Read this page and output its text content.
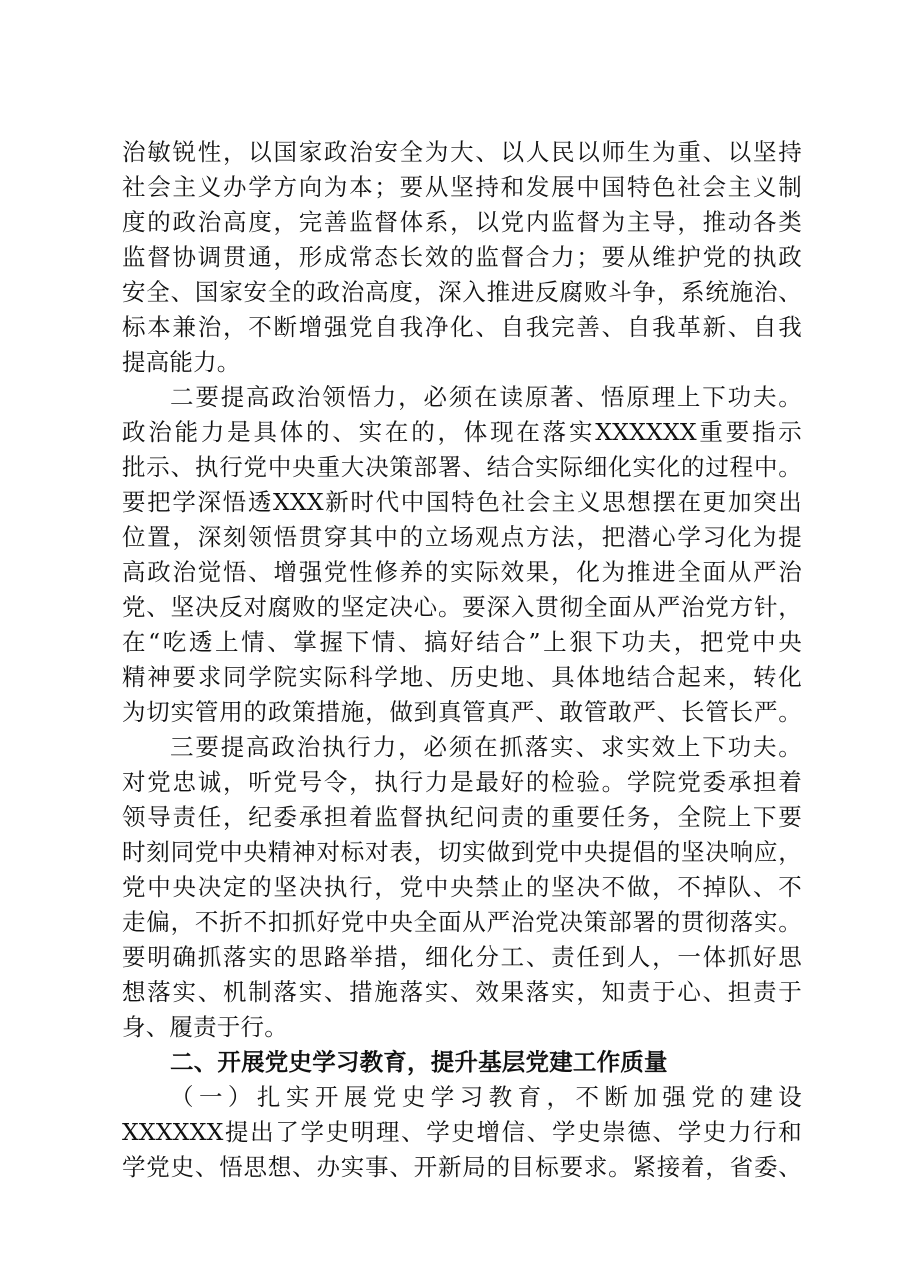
治敏锐性，以国家政治安全为大、以人民以师生为重、以坚持
社会主义办学方向为本；要从坚持和发展中国特色社会主义制
度的政治高度，完善监督体系，以党内监督为主导，推动各类
监督协调贯通，形成常态长效的监督合力；要从维护党的执政
安全、国家安全的政治高度，深入推进反腐败斗争，系统施治、
标本兼治，不断增强党自我净化、自我完善、自我革新、自我
提高能力。
二要提高政治领悟力，必须在读原著、悟原理上下功夫。
政治能力是具体的、实在的，体现在落实XXXXXX重要指示
批示、执行党中央重大决策部署、结合实际细化实化的过程中。
要把学深悟透XXX新时代中国特色社会主义思想摆在更加突出
位置，深刻领悟贯穿其中的立场观点方法，把潜心学习化为提
高政治觉悟、增强党性修养的实际效果，化为推进全面从严治
党、坚决反对腐败的坚定决心。要深入贯彻全面从严治党方针，
在“吃透上情、掌握下情、搞好结合”上狠下功夫，把党中央
精神要求同学院实际科学地、历史地、具体地结合起来，转化
为切实管用的政策措施，做到真管真严、敢管敢严、长管长严。
三要提高政治执行力，必须在抓落实、求实效上下功夫。
对党忠诚，听党号令，执行力是最好的检验。学院党委承担着
领导责任，纪委承担着监督执纪问责的重要任务，全院上下要
时刻同党中央精神对标对表，切实做到党中央提倡的坚决响应，
党中央决定的坚决执行，党中央禁止的坚决不做，不掉队、不
走偏，不折不扣抓好党中央全面从严治党决策部署的贯彻落实。
要明确抓落实的思路举措，细化分工、责任到人，一体抓好思
想落实、机制落实、措施落实、效果落实，知责于心、担责于
身、履责于行。
二、开展党史学习教育，提升基层党建工作质量
（一）扎实开展党史学习教育，不断加强党的建设
XXXXXX提出了学史明理、学史增信、学史崇德、学史力行和
学党史、悟思想、办实事、开新局的目标要求。紧接着，省委、
